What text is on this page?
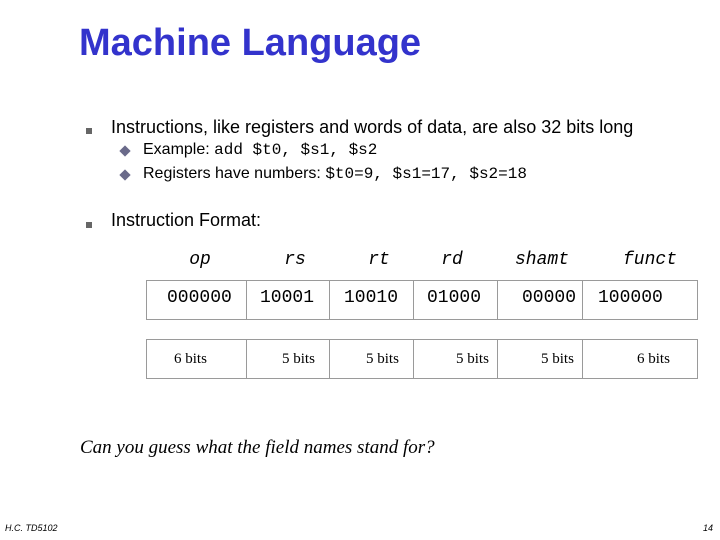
Machine Language
Instructions, like registers and words of data, are also 32 bits long
Example: add $t0, $s1, $s2
Registers have numbers: $t0=9, $s1=17, $s2=18
Instruction Format:
op	rs	rt	rd	shamt	funct
000000 10001 10010 01000 00000 100000
6 bits	5 bits	5 bits	5 bits	5 bits	6 bits
Can you guess what the field names stand for?
H.C. TD5102	14
